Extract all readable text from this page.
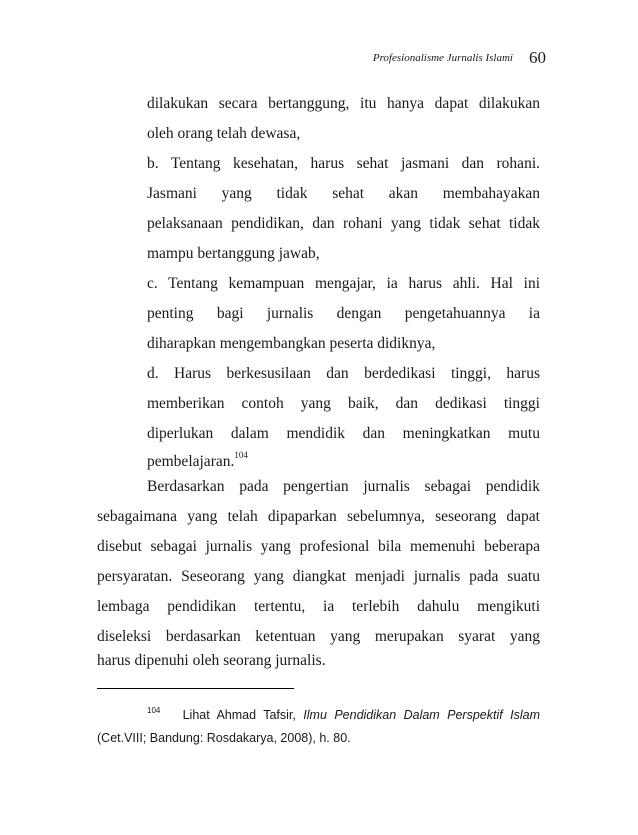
Profesionalisme Jurnalis Islami 60
dilakukan secara bertanggung, itu hanya dapat dilakukan
oleh orang telah dewasa,
b. Tentang kesehatan, harus sehat jasmani dan rohani.
Jasmani yang tidak sehat akan membahayakan
pelaksanaan pendidikan, dan rohani yang tidak sehat tidak
mampu bertanggung jawab,
c. Tentang kemampuan mengajar, ia harus ahli. Hal ini
penting bagi jurnalis dengan pengetahuannya ia
diharapkan mengembangkan peserta didiknya,
d. Harus berkesusilaan dan berdedikasi tinggi, harus
memberikan contoh yang baik, dan dedikasi tinggi
diperlukan dalam mendidik dan meningkatkan mutu
pembelajaran.$^{104}$
Berdasarkan pada pengertian jurnalis sebagai pendidik
sebagaimana yang telah dipaparkan sebelumnya, seseorang dapat
disebut sebagai jurnalis yang profesional bila memenuhi beberapa
persyaratan. Seseorang yang diangkat menjadi jurnalis pada suatu
lembaga pendidikan tertentu, ia terlebih dahulu mengikuti
diseleksi berdasarkan ketentuan yang merupakan syarat yang
harus dipenuhi oleh seorang jurnalis.
$^{104}$ Lihat Ahmad Tafsir, Ilmu Pendidikan Dalam Perspektif Islam
(Cet.VIII; Bandung: Rosdakarya, 2008), h. 80.
